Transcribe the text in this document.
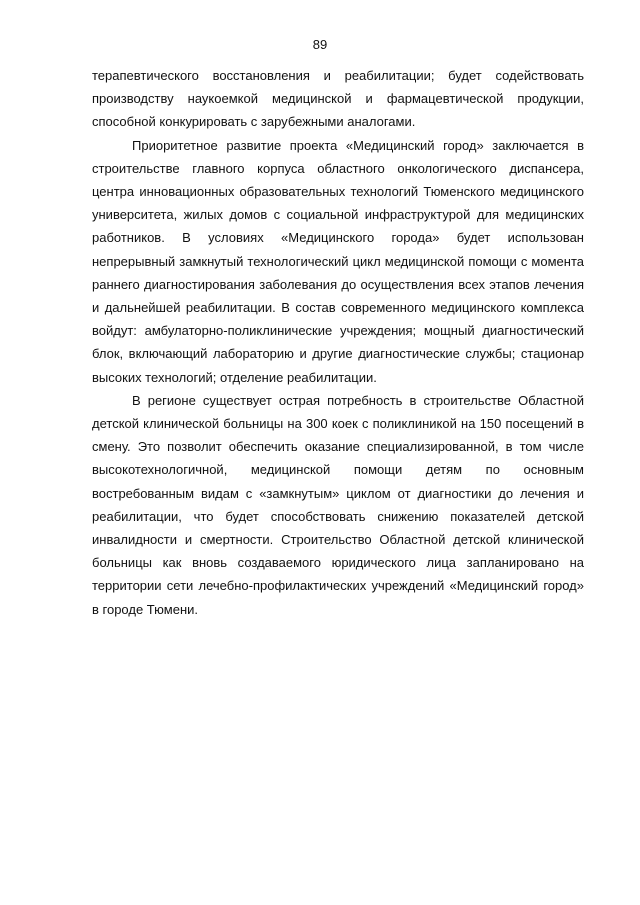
89

терапевтического восстановления и реабилитации; будет содействовать производству наукоемкой медицинской и фармацевтической продукции, способной конкурировать с зарубежными аналогами.

Приоритетное развитие проекта «Медицинский город» заключается в строительстве главного корпуса областного онкологического диспансера, центра инновационных образовательных технологий Тюменского медицинского университета, жилых домов с социальной инфраструктурой для медицинских работников. В условиях «Медицинского города» будет использован непрерывный замкнутый технологический цикл медицинской помощи с момента раннего диагностирования заболевания до осуществления всех этапов лечения и дальнейшей реабилитации. В состав современного медицинского комплекса войдут: амбулаторно-поликлинические учреждения; мощный диагностический блок, включающий лабораторию и другие диагностические службы; стационар высоких технологий; отделение реабилитации.

В регионе существует острая потребность в строительстве Областной детской клинической больницы на 300 коек с поликлиникой на 150 посещений в смену. Это позволит обеспечить оказание специализированной, в том числе высокотехнологичной, медицинской помощи детям по основным востребованным видам с «замкнутым» циклом от диагностики до лечения и реабилитации, что будет способствовать снижению показателей детской инвалидности и смертности. Строительство Областной детской клинической больницы как вновь создаваемого юридического лица запланировано на территории сети лечебно-профилактических учреждений «Медицинский город» в городе Тюмени.
